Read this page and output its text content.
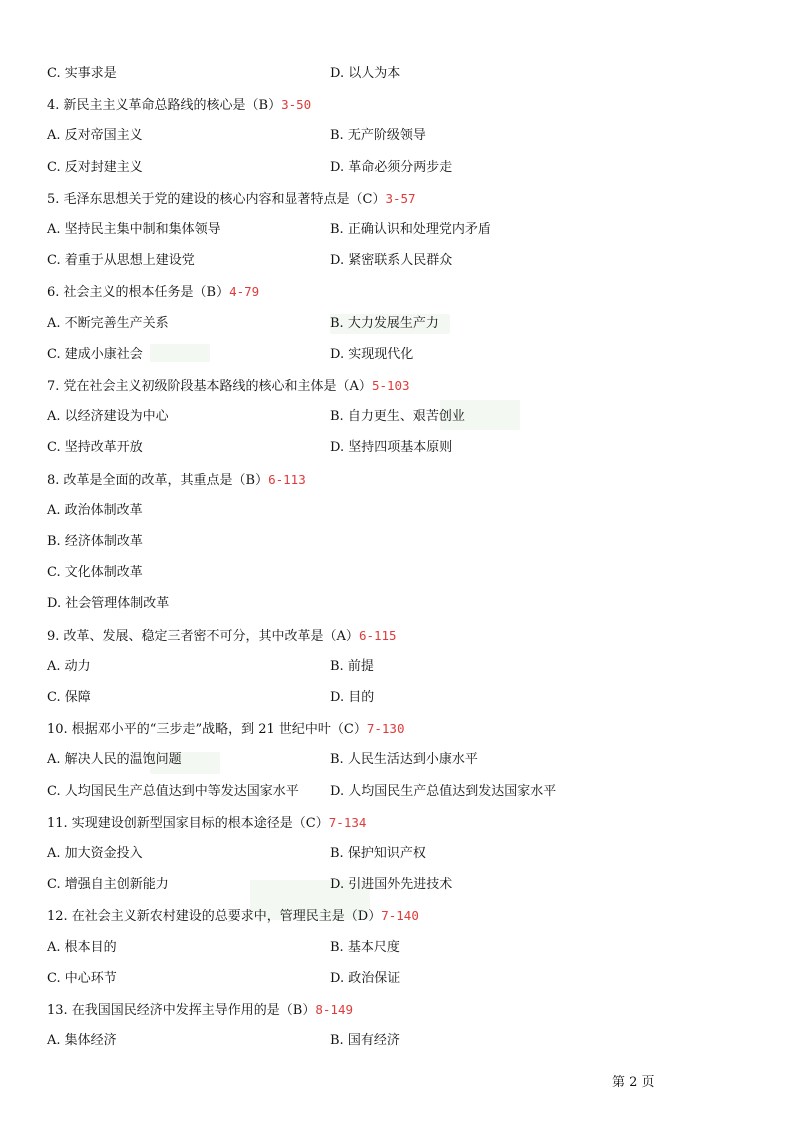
C. 实事求是	D. 以人为本
4. 新民主主义革命总路线的核心是（B）3-50
A. 反对帝国主义	B. 无产阶级领导
C. 反对封建主义	D. 革命必须分两步走
5. 毛泽东思想关于党的建设的核心内容和显著特点是（C）3-57
A. 坚持民主集中制和集体领导	B. 正确认识和处理党内矛盾
C. 着重于从思想上建设党	D. 紧密联系人民群众
6. 社会主义的根本任务是（B）4-79
A. 不断完善生产关系	B. 大力发展生产力
C. 建成小康社会	D. 实现现代化
7. 党在社会主义初级阶段基本路线的核心和主体是（A）5-103
A. 以经济建设为中心	B. 自力更生、艰苦创业
C. 坚持改革开放	D. 坚持四项基本原则
8. 改革是全面的改革，其重点是（B）6-113
A. 政治体制改革
B. 经济体制改革
C. 文化体制改革
D. 社会管理体制改革
9. 改革、发展、稳定三者密不可分，其中改革是（A）6-115
A. 动力	B. 前提
C. 保障	D. 目的
10. 根据邓小平的“三步走”战略，到 21 世纪中叶（C）7-130
A. 解决人民的温饱问题	B. 人民生活达到小康水平
C. 人均国民生产总值达到中等发达国家水平 D. 人均国民生产总值达到发达国家水平
11. 实现建设创新型国家目标的根本途径是（C）7-134
A. 加大资金投入	B. 保护知识产权
C. 增强自主创新能力	D. 引进国外先进技术
12. 在社会主义新农村建设的总要求中，管理民主是（D）7-140
A. 根本目的	B. 基本尺度
C. 中心环节	D. 政治保证
13. 在我国国民经济中发挥主导作用的是（B）8-149
A. 集体经济	B. 国有经济
第 2 页
